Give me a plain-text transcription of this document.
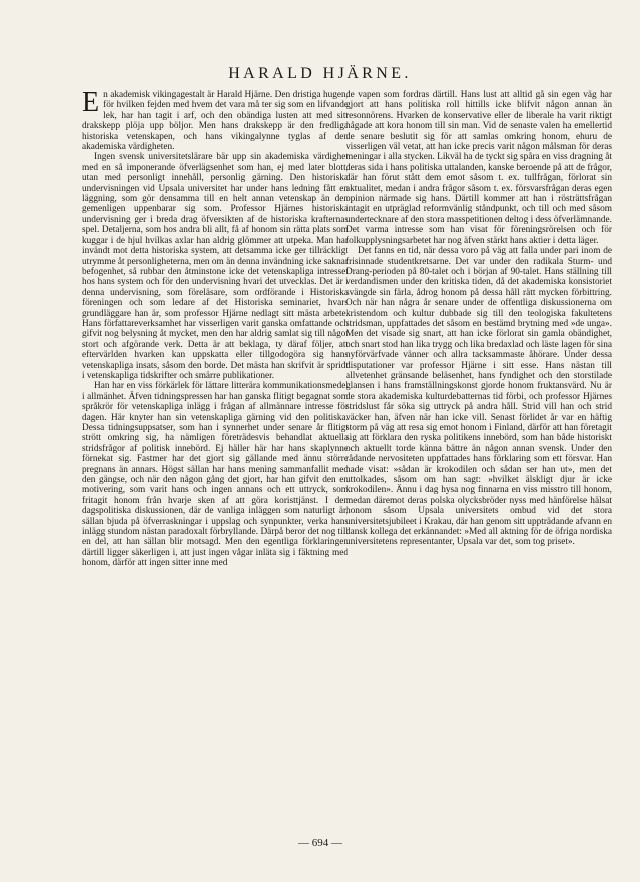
HARALD HJÄRNE.

En akademisk vikingagestalt är Harald Hjärne. Den dristiga hugen, för hvilken fejden med hvem det vara må ter sig som en lifvande lek, har han tagit i arf, och den obändiga lusten att med sitt drakskepp plöja upp böljor. Men hans drakskepp är den fredliga historiska vetenskapen, och hans vikingalynne tyglas af den akademiska värdigheten.

Ingen svensk universitetslärare bär upp sin akademiska värdighet med en så imponerande öfverlägsenhet som han, ej med later blott, utan med personligt innehåll, personlig gärning. Den historiska undervisningen vid Upsala universitet har under hans ledning fått en läggning, som gör densamma till en helt annan vetenskap än den gemenligen uppenbarar sig som. Professor Hjärnes historiska undervisning ger i breda drag öfversikten af de historiska krafternas spel. Detaljerna, som hos andra bli allt, få af honom sin rätta plats som kuggar i de hjul hvilkas axlar han aldrig glömmer att utpeka. Man har invändt mot detta historiska system, att detsamma icke ger tillräckligt utrymme åt personligheterna, men om än denna invändning icke saknar befogenhet, så rubbar den åtminstone icke det vetenskapliga intresset hos hans system och för den undervisning hvari det utvecklas. Det är i denna undervisning, som föreläsare, som ordförande i Historiska föreningen och som ledare af det Historiska seminariet, hvars grundläggare han är, som professor Hjärne nedlagt sitt mästa arbete. Hans författareverksamhet har visserligen varit ganska omfattande och gifvit nog belysning åt mycket, men den har aldrig samlat sig till något stort och afgörande verk. Detta är att beklaga, ty däraf följer, att eftervärlden hvarken kan uppskatta eller tillgodogöra sig hans vetenskapliga insats, såsom den borde. Det mästa han skrifvit är spridt i vetenskapliga tidskrifter och smärre publikationer.

Han har en viss förkärlek för lättare litterära kommunikationsmedel i allmänhet. Äfven tidningspressen har han ganska flitigt begagnat som språkrör för vetenskapliga inlägg i frågan af allmännare intresse för dagen. Här knyter han sin vetenskapliga gärning vid den politiska. Dessa tidningsuppsatser, som han i synnerhet under senare år flitigt strött omkring sig, ha nämligen företrädesvis behandlat aktuella stridsfrågor af politisk innebörd. Ej häller här har hans skaplynne förnekat sig. Fastmer har det gjort sig gällande med ännu större pregnans än annars. Högst sällan har hans mening sammanfallit med den gängse, och när den någon gång det gjort, har han gifvit den en motivering, som varit hans och ingen annans och ett uttryck, som fritagit honom från hvarje sken af att göra koristtjänst. I den dagspolitiska diskussionen, där de vanliga inläggen som naturligt är, sällan bjuda på öfverraskningar i uppslag och synpunkter, verka hans inlägg stundom nästan paradoxalt förbryllande. Därpå beror det nog till en del, att han sällan blir motsagd. Men den egentliga förklaringen därtill ligger säkerligen i, att just ingen vågar inläta sig i fäktning med honom, därför att ingen sitter inne med

de vapen som fordras därtill. Hans lust att alltid gå sin egen väg har gjort att hans politiska roll hittills icke blifvit någon annan än resonnörens. Hvarken de konservative eller de liberale ha varit riktigt hågade att kora honom till sin man. Vid de senaste valen ha emellertid de senare beslutit sig för att samlas omkring honom, ehuru de visserligen väl vetat, att han icke precis varit någon målsman för deras meningar i alla stycken. Likväl ha de tyckt sig spåra en viss dragning åt deras sida i hans politiska uttalanden, kanske beroende på att de frågor, där han förut stått dem emot såsom t. ex. tullfrågan, förlorat sin aktualitet, medan i andra frågor såsom t. ex. försvarsfrågan deras egen opinion närmade sig hans. Därtill kommer att han i rösträttsfrågan intagit en utpräglad reformvänlig ståndpunkt, och till och med såsom undertecknare af den stora masspetitionen deltog i dess öfverlämnande. Det varma intresse som han visat för föreningsrörelsen och för folkupplysningsarbetet har nog äfven stärkt hans aktier i detta läger.

Det fanns en tid, när dessa voro på väg att falla under pari inom de frisinnade studentkretsarne. Det var under den radikala Sturm- und Drang-perioden på 80-talet och i början af 90-talet. Hans ställning till verdandismen under den kritiska tiden, då det akademiska konsistoriet svängde sin färla, ådrog honom på dessa håll rätt mycken förbittring. Och när han några år senare under de offentliga diskussionerna om kristendom och kultur dubbade sig till den teologiska fakultetens stridsman, uppfattades det såsom en bestämd brytning med »de unga». Men det visade sig snart, att han icke förlorat sin gamla obändighet, och snart stod han lika trygg och lika bredaxlad och läste lagen för sina nyförvärfvade vänner och allra tacksammaste åhörare. Under dessa disputationer var professor Hjärne i sitt esse. Hans nästan till allvetenhet gränsande beläsenhet, hans fyndighet och den storstilade glansen i hans framställningskonst gjorde honom fruktansvärd. Nu är de stora akademiska kulturdebatternas tid förbi, och professor Hjärnes stridslust får söka sig uttryck på andra håll. Strid vill han och strid väcker han, äfven när han icke vill. Senast förlidet år var en häftig storm på väg att resa sig emot honom i Finland, därför att han företagit sig att förklara den ryska politikens innebörd, som han både historiskt och aktuellt torde känna bättre än någon annan svensk. Under den rådande nervositeten uppfattades hans förklaring som ett försvar. Han hade visat: »sådan är krokodilen och sådan ser han ut», men det uttolkades, såsom om han sagt: »hvilket älskligt djur är icke krokodilen». Ännu i dag hysa nog finnarna en viss misstro till honom, medan däremot deras polska olycksbröder nyss med hänförelse hälsat honom såsom Upsala universitets ombud vid det stora universitetsjubileet i Krakau, där han genom sitt uppträdande afvann en dansk kollega det erkännandet: »Med all aktning för de öfriga nordiska universitetens representanter, Upsala var det, som tog priset».

— 694 —
